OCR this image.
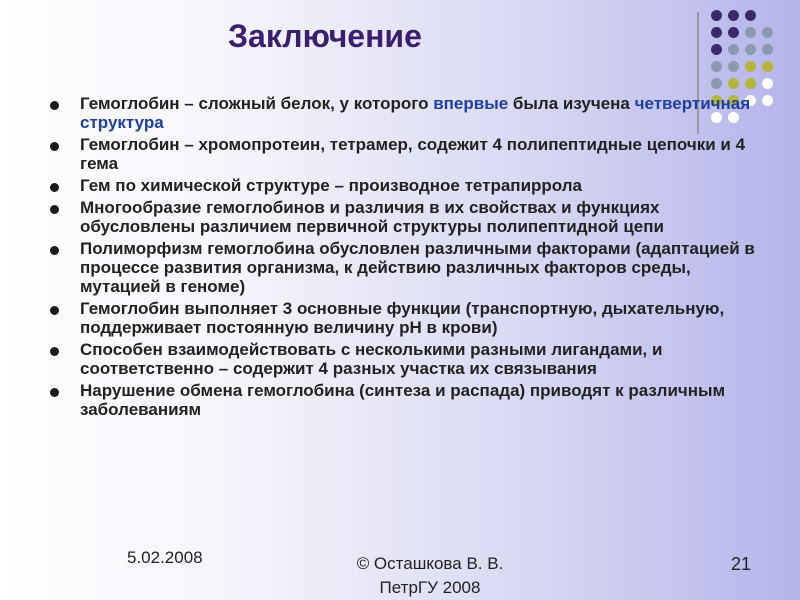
Заключение
Гемоглобин – сложный белок, у которого впервые была изучена четвертичная структура
Гемоглобин – хромопротеин, тетрамер, содежит 4 полипептидные цепочки и 4 гема
Гем по химической структуре – производное тетрапиррола
Многообразие гемоглобинов и различия в их свойствах и функциях обусловлены различием первичной структуры полипептидной цепи
Полиморфизм гемоглобина обусловлен различными факторами (адаптацией в процессе развития организма, к действию различных факторов среды, мутацией в геноме)
Гемоглобин выполняет 3 основные функции (транспортную, дыхательную, поддерживает постоянную величину pH в крови)
Способен взаимодействовать с несколькими разными лигандами, и соответственно – содержит 4 разных участка их связывания
Нарушение обмена гемоглобина (синтеза и распада) приводят к различным заболеваниям
5.02.2008	© Осташкова В. В.
ПетрГУ 2008
21
